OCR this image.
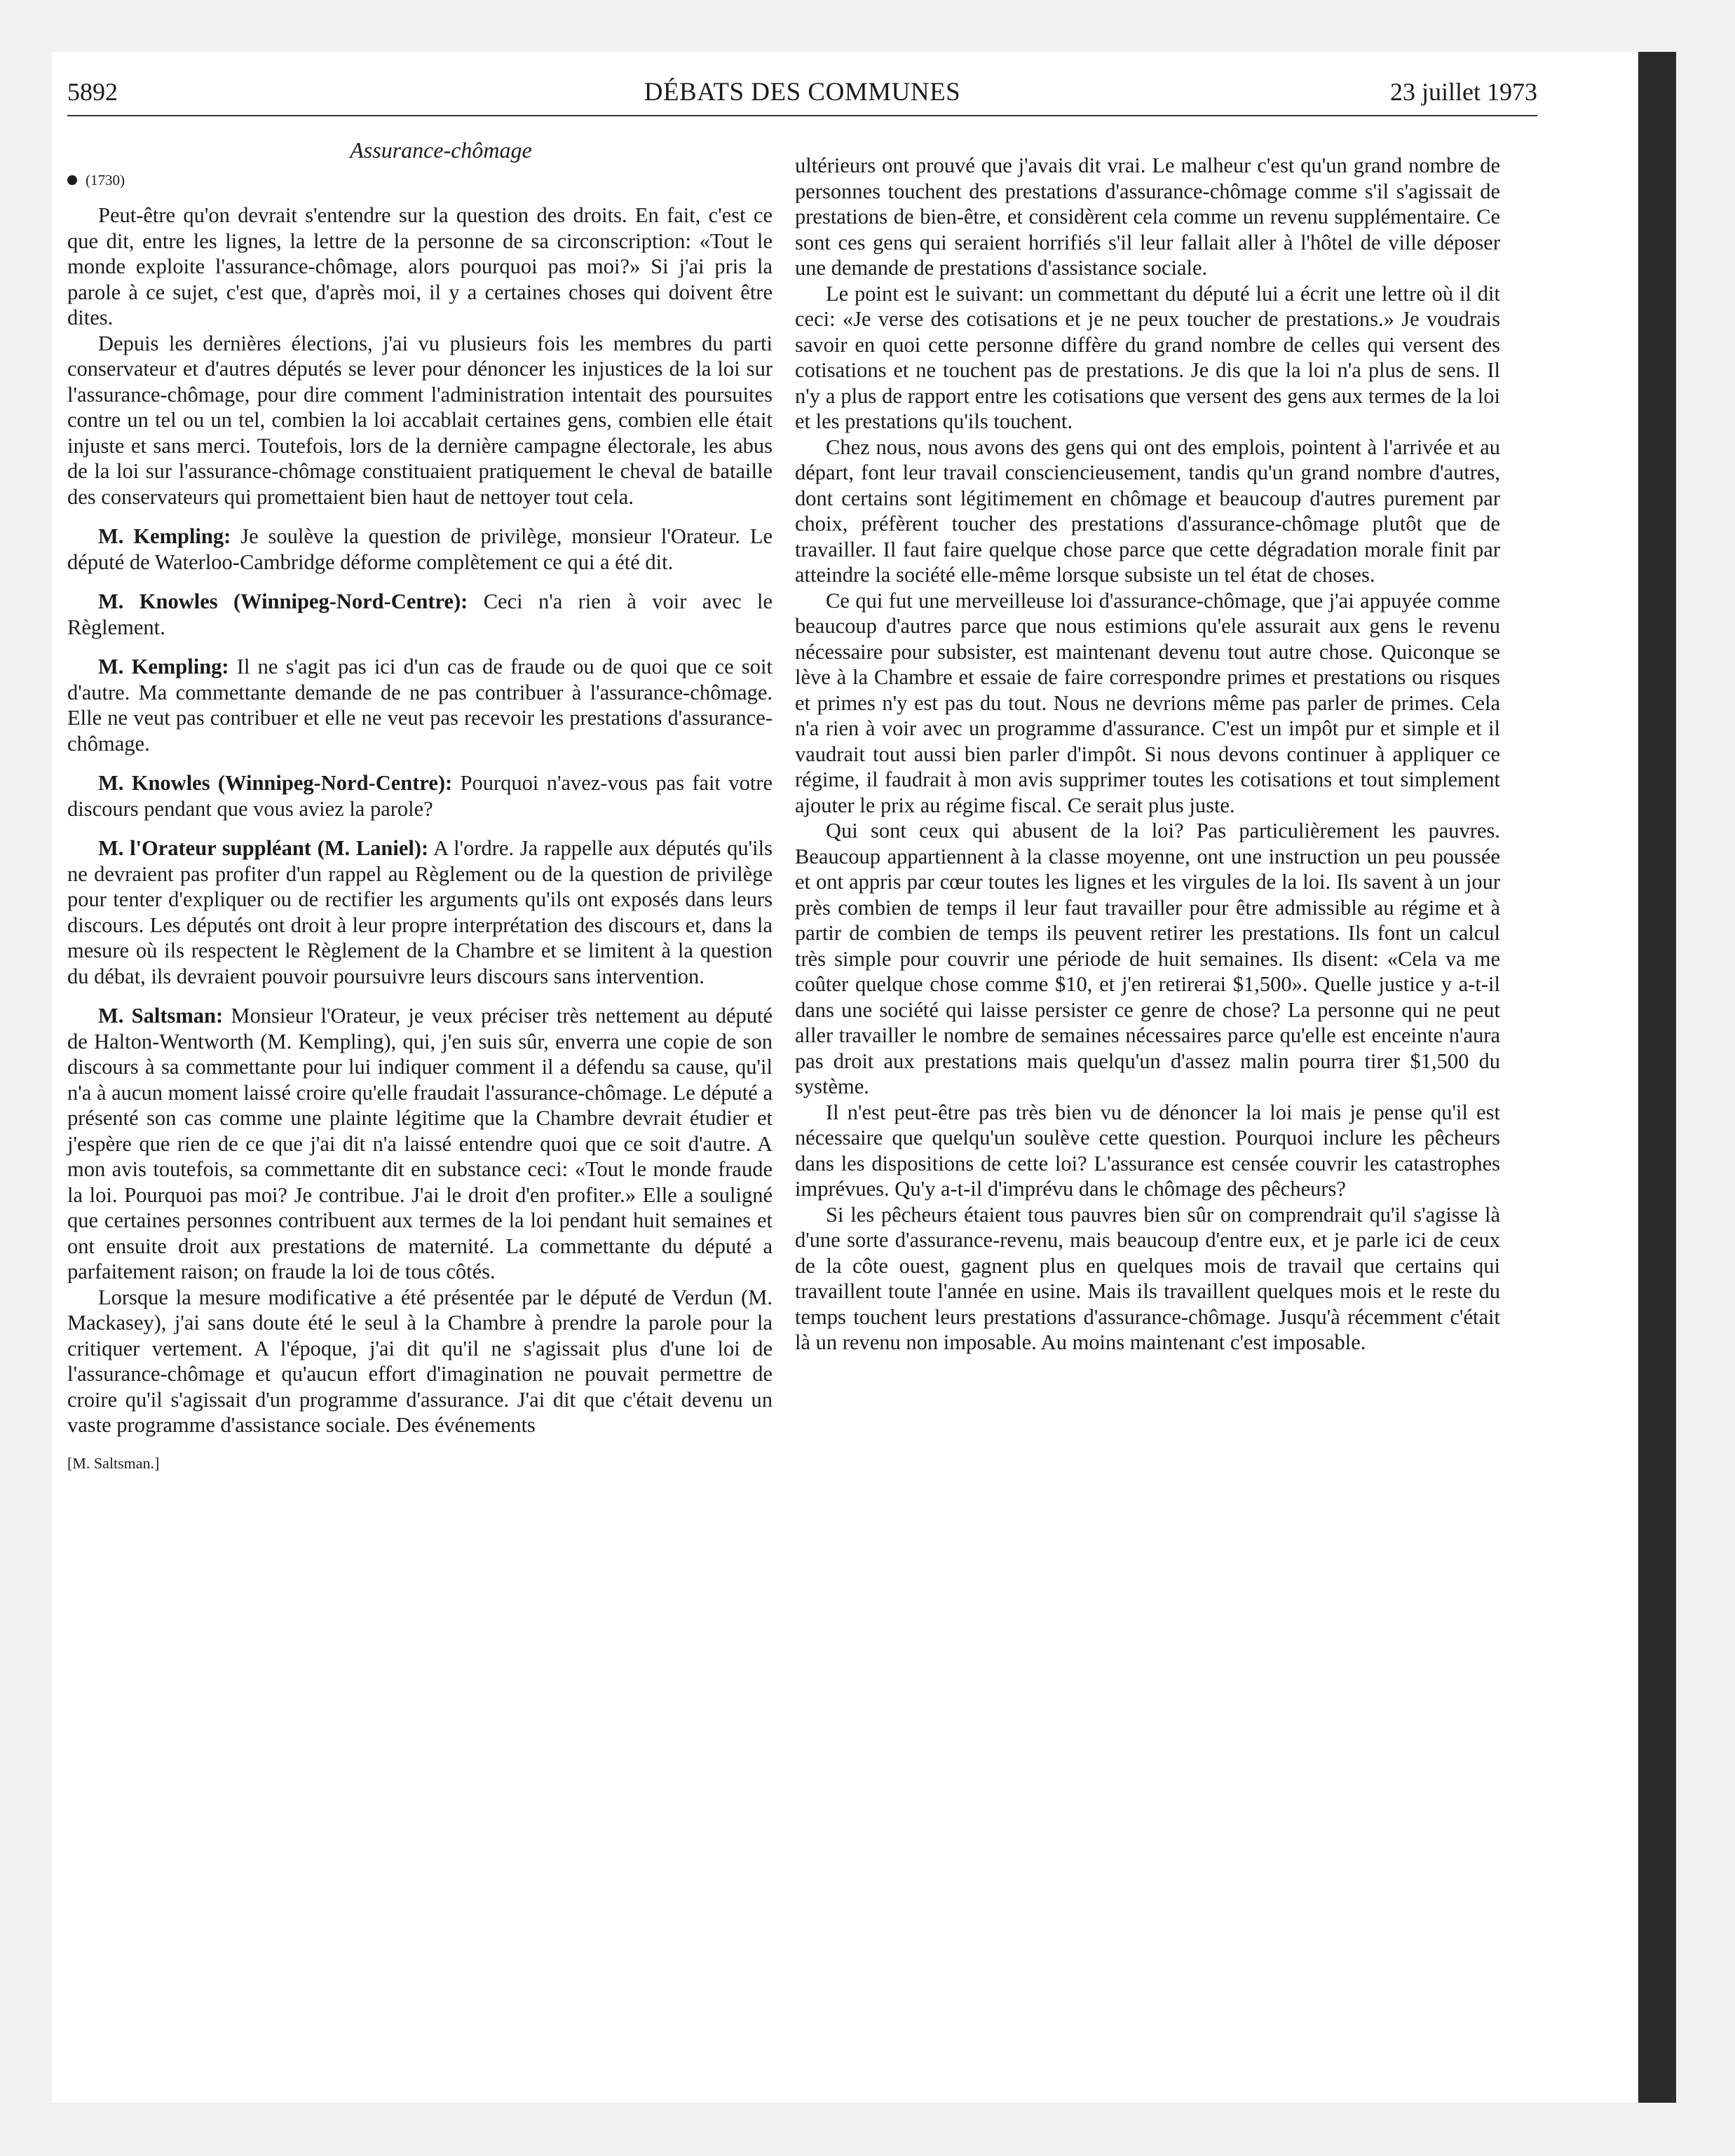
5892	DÉBATS DES COMMUNES	23 juillet 1973
Assurance-chômage
(1730)

Peut-être qu'on devrait s'entendre sur la question des droits. En fait, c'est ce que dit, entre les lignes, la lettre de la personne de sa circonscription: «Tout le monde exploite l'assurance-chômage, alors pourquoi pas moi?» Si j'ai pris la parole à ce sujet, c'est que, d'après moi, il y a certaines choses qui doivent être dites.

Depuis les dernières élections, j'ai vu plusieurs fois les membres du parti conservateur et d'autres députés se lever pour dénoncer les injustices de la loi sur l'assurance-chômage, pour dire comment l'administration intentait des poursuites contre un tel ou un tel, combien la loi accablait certaines gens, combien elle était injuste et sans merci. Toutefois, lors de la dernière campagne électorale, les abus de la loi sur l'assurance-chômage constituaient pratiquement le cheval de bataille des conservateurs qui promettaient bien haut de nettoyer tout cela.

M. Kempling: Je soulève la question de privilège, monsieur l'Orateur. Le député de Waterloo-Cambridge déforme complètement ce qui a été dit.

M. Knowles (Winnipeg-Nord-Centre): Ceci n'a rien à voir avec le Règlement.

M. Kempling: Il ne s'agit pas ici d'un cas de fraude ou de quoi que ce soit d'autre. Ma commettante demande de ne pas contribuer à l'assurance-chômage. Elle ne veut pas contribuer et elle ne veut pas recevoir les prestations d'assurance-chômage.

M. Knowles (Winnipeg-Nord-Centre): Pourquoi n'avez-vous pas fait votre discours pendant que vous aviez la parole?

M. l'Orateur suppléant (M. Laniel): A l'ordre. Ja rappelle aux députés qu'ils ne devraient pas profiter d'un rappel au Règlement ou de la question de privilège pour tenter d'expliquer ou de rectifier les arguments qu'ils ont exposés dans leurs discours. Les députés ont droit à leur propre interprétation des discours et, dans la mesure où ils respectent le Règlement de la Chambre et se limitent à la question du débat, ils devraient pouvoir poursuivre leurs discours sans intervention.

M. Saltsman: Monsieur l'Orateur, je veux préciser très nettement au député de Halton-Wentworth (M. Kempling), qui, j'en suis sûr, enverra une copie de son discours à sa commettante pour lui indiquer comment il a défendu sa cause, qu'il n'a à aucun moment laissé croire qu'elle fraudait l'assurance-chômage. Le député a présenté son cas comme une plainte légitime que la Chambre devrait étudier et j'espère que rien de ce que j'ai dit n'a laissé entendre quoi que ce soit d'autre. A mon avis toutefois, sa commettante dit en substance ceci: «Tout le monde fraude la loi. Pourquoi pas moi? Je contribue. J'ai le droit d'en profiter.» Elle a souligné que certaines personnes contribuent aux termes de la loi pendant huit semaines et ont ensuite droit aux prestations de maternité. La commettante du député a parfaitement raison; on fraude la loi de tous côtés.

Lorsque la mesure modificative a été présentée par le député de Verdun (M. Mackasey), j'ai sans doute été le seul à la Chambre à prendre la parole pour la critiquer vertement. A l'époque, j'ai dit qu'il ne s'agissait plus d'une loi de l'assurance-chômage et qu'aucun effort d'imagination ne pouvait permettre de croire qu'il s'agissait d'un programme d'assurance. J'ai dit que c'était devenu un vaste programme d'assistance sociale. Des événements

[M. Saltsman.]

ultérieurs ont prouvé que j'avais dit vrai. Le malheur c'est qu'un grand nombre de personnes touchent des prestations d'assurance-chômage comme s'il s'agissait de prestations de bien-être, et considèrent cela comme un revenu supplémentaire. Ce sont ces gens qui seraient horrifiés s'il leur fallait aller à l'hôtel de ville déposer une demande de prestations d'assistance sociale.

Le point est le suivant: un commettant du député lui a écrit une lettre où il dit ceci: «Je verse des cotisations et je ne peux toucher de prestations.» Je voudrais savoir en quoi cette personne diffère du grand nombre de celles qui versent des cotisations et ne touchent pas de prestations. Je dis que la loi n'a plus de sens. Il n'y a plus de rapport entre les cotisations que versent des gens aux termes de la loi et les prestations qu'ils touchent.

Chez nous, nous avons des gens qui ont des emplois, pointent à l'arrivée et au départ, font leur travail consciencieusement, tandis qu'un grand nombre d'autres, dont certains sont légitimement en chômage et beaucoup d'autres purement par choix, préfèrent toucher des prestations d'assurance-chômage plutôt que de travailler. Il faut faire quelque chose parce que cette dégradation morale finit par atteindre la société elle-même lorsque subsiste un tel état de choses.

Ce qui fut une merveilleuse loi d'assurance-chômage, que j'ai appuyée comme beaucoup d'autres parce que nous estimions qu'ele assurait aux gens le revenu nécessaire pour subsister, est maintenant devenu tout autre chose. Quiconque se lève à la Chambre et essaie de faire correspondre primes et prestations ou risques et primes n'y est pas du tout. Nous ne devrions même pas parler de primes. Cela n'a rien à voir avec un programme d'assurance. C'est un impôt pur et simple et il vaudrait tout aussi bien parler d'impôt. Si nous devons continuer à appliquer ce régime, il faudrait à mon avis supprimer toutes les cotisations et tout simplement ajouter le prix au régime fiscal. Ce serait plus juste.

Qui sont ceux qui abusent de la loi? Pas particulièrement les pauvres. Beaucoup appartiennent à la classe moyenne, ont une instruction un peu poussée et ont appris par cœur toutes les lignes et les virgules de la loi. Ils savent à un jour près combien de temps il leur faut travailler pour être admissible au régime et à partir de combien de temps ils peuvent retirer les prestations. Ils font un calcul très simple pour couvrir une période de huit semaines. Ils disent: «Cela va me coûter quelque chose comme $10, et j'en retirerai $1,500». Quelle justice y a-t-il dans une société qui laisse persister ce genre de chose? La personne qui ne peut aller travailler le nombre de semaines nécessaires parce qu'elle est enceinte n'aura pas droit aux prestations mais quelqu'un d'assez malin pourra tirer $1,500 du système.

Il n'est peut-être pas très bien vu de dénoncer la loi mais je pense qu'il est nécessaire que quelqu'un soulève cette question. Pourquoi inclure les pêcheurs dans les dispositions de cette loi? L'assurance est censée couvrir les catastrophes imprévues. Qu'y a-t-il d'imprévu dans le chômage des pêcheurs?

Si les pêcheurs étaient tous pauvres bien sûr on comprendrait qu'il s'agisse là d'une sorte d'assurance-revenu, mais beaucoup d'entre eux, et je parle ici de ceux de la côte ouest, gagnent plus en quelques mois de travail que certains qui travaillent toute l'année en usine. Mais ils travaillent quelques mois et le reste du temps touchent leurs prestations d'assurance-chômage. Jusqu'à récemment c'était là un revenu non imposable. Au moins maintenant c'est imposable.
